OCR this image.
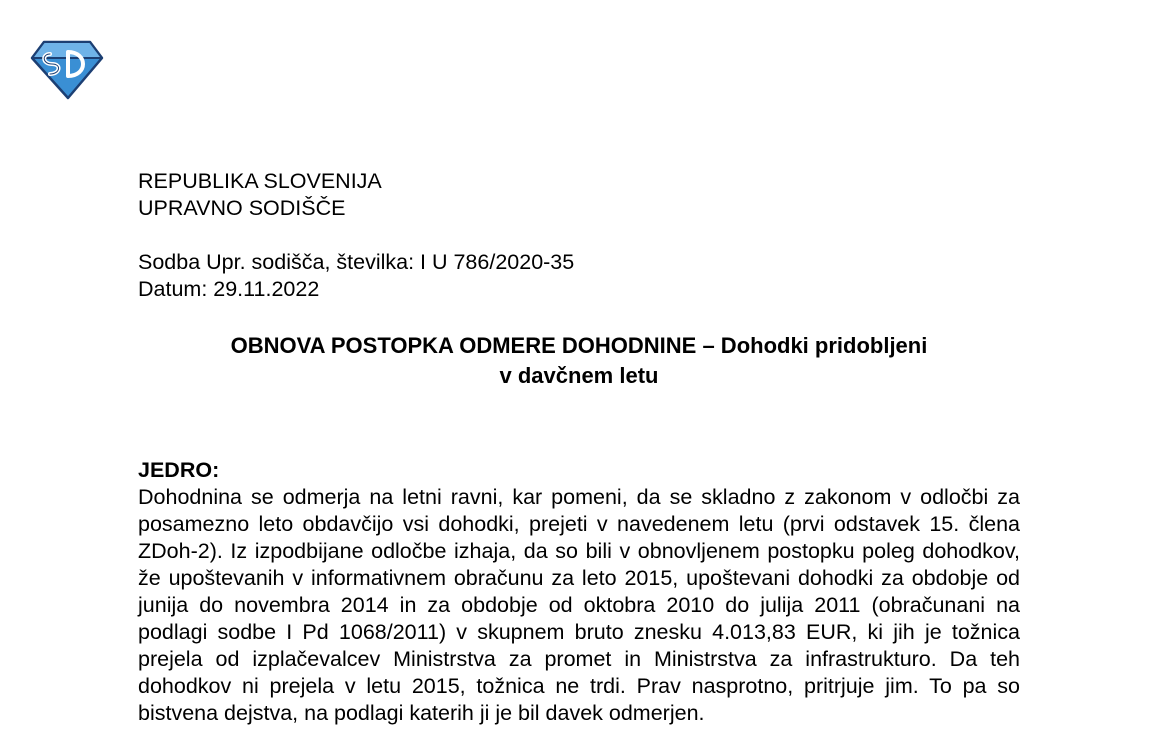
REPUBLIKA SLOVENIJA

UPRAVNO SODIŠČE

Sodba Upr. sodišča, številka: I U 786/2020-35

Datum: 29.11.2022

OBNOVA POSTOPKA ODMERE DOHODNINE – Dohodki pridobljeni
v davčnem letu

JEDRO:

Dohodnina se odmerja na letni ravni, kar pomeni, da se skladno z zakonom v odločbi za posamezno leto obdavčijo vsi dohodki, prejeti v navedenem letu (prvi odstavek 15. člena ZDoh-2). Iz izpodbijane odločbe izhaja, da so bili v obnovljenem postopku poleg dohodkov, že upoštevanih v informativnem obračunu za leto 2015, upoštevani dohodki za obdobje od junija do novembra 2014 in za obdobje od oktobra 2010 do julija 2011 (obračunani na podlagi sodbe I Pd 1068/2011) v skupnem bruto znesku 4.013,83 EUR, ki jih je tožnica prejela od izplačevalcev Ministrstva za promet in Ministrstva za infrastrukturo. Da teh dohodkov ni prejela v letu 2015, tožnica ne trdi. Prav nasprotno, pritrjuje jim. To pa so bistvena dejstva, na podlagi katerih ji je bil davek odmerjen.
